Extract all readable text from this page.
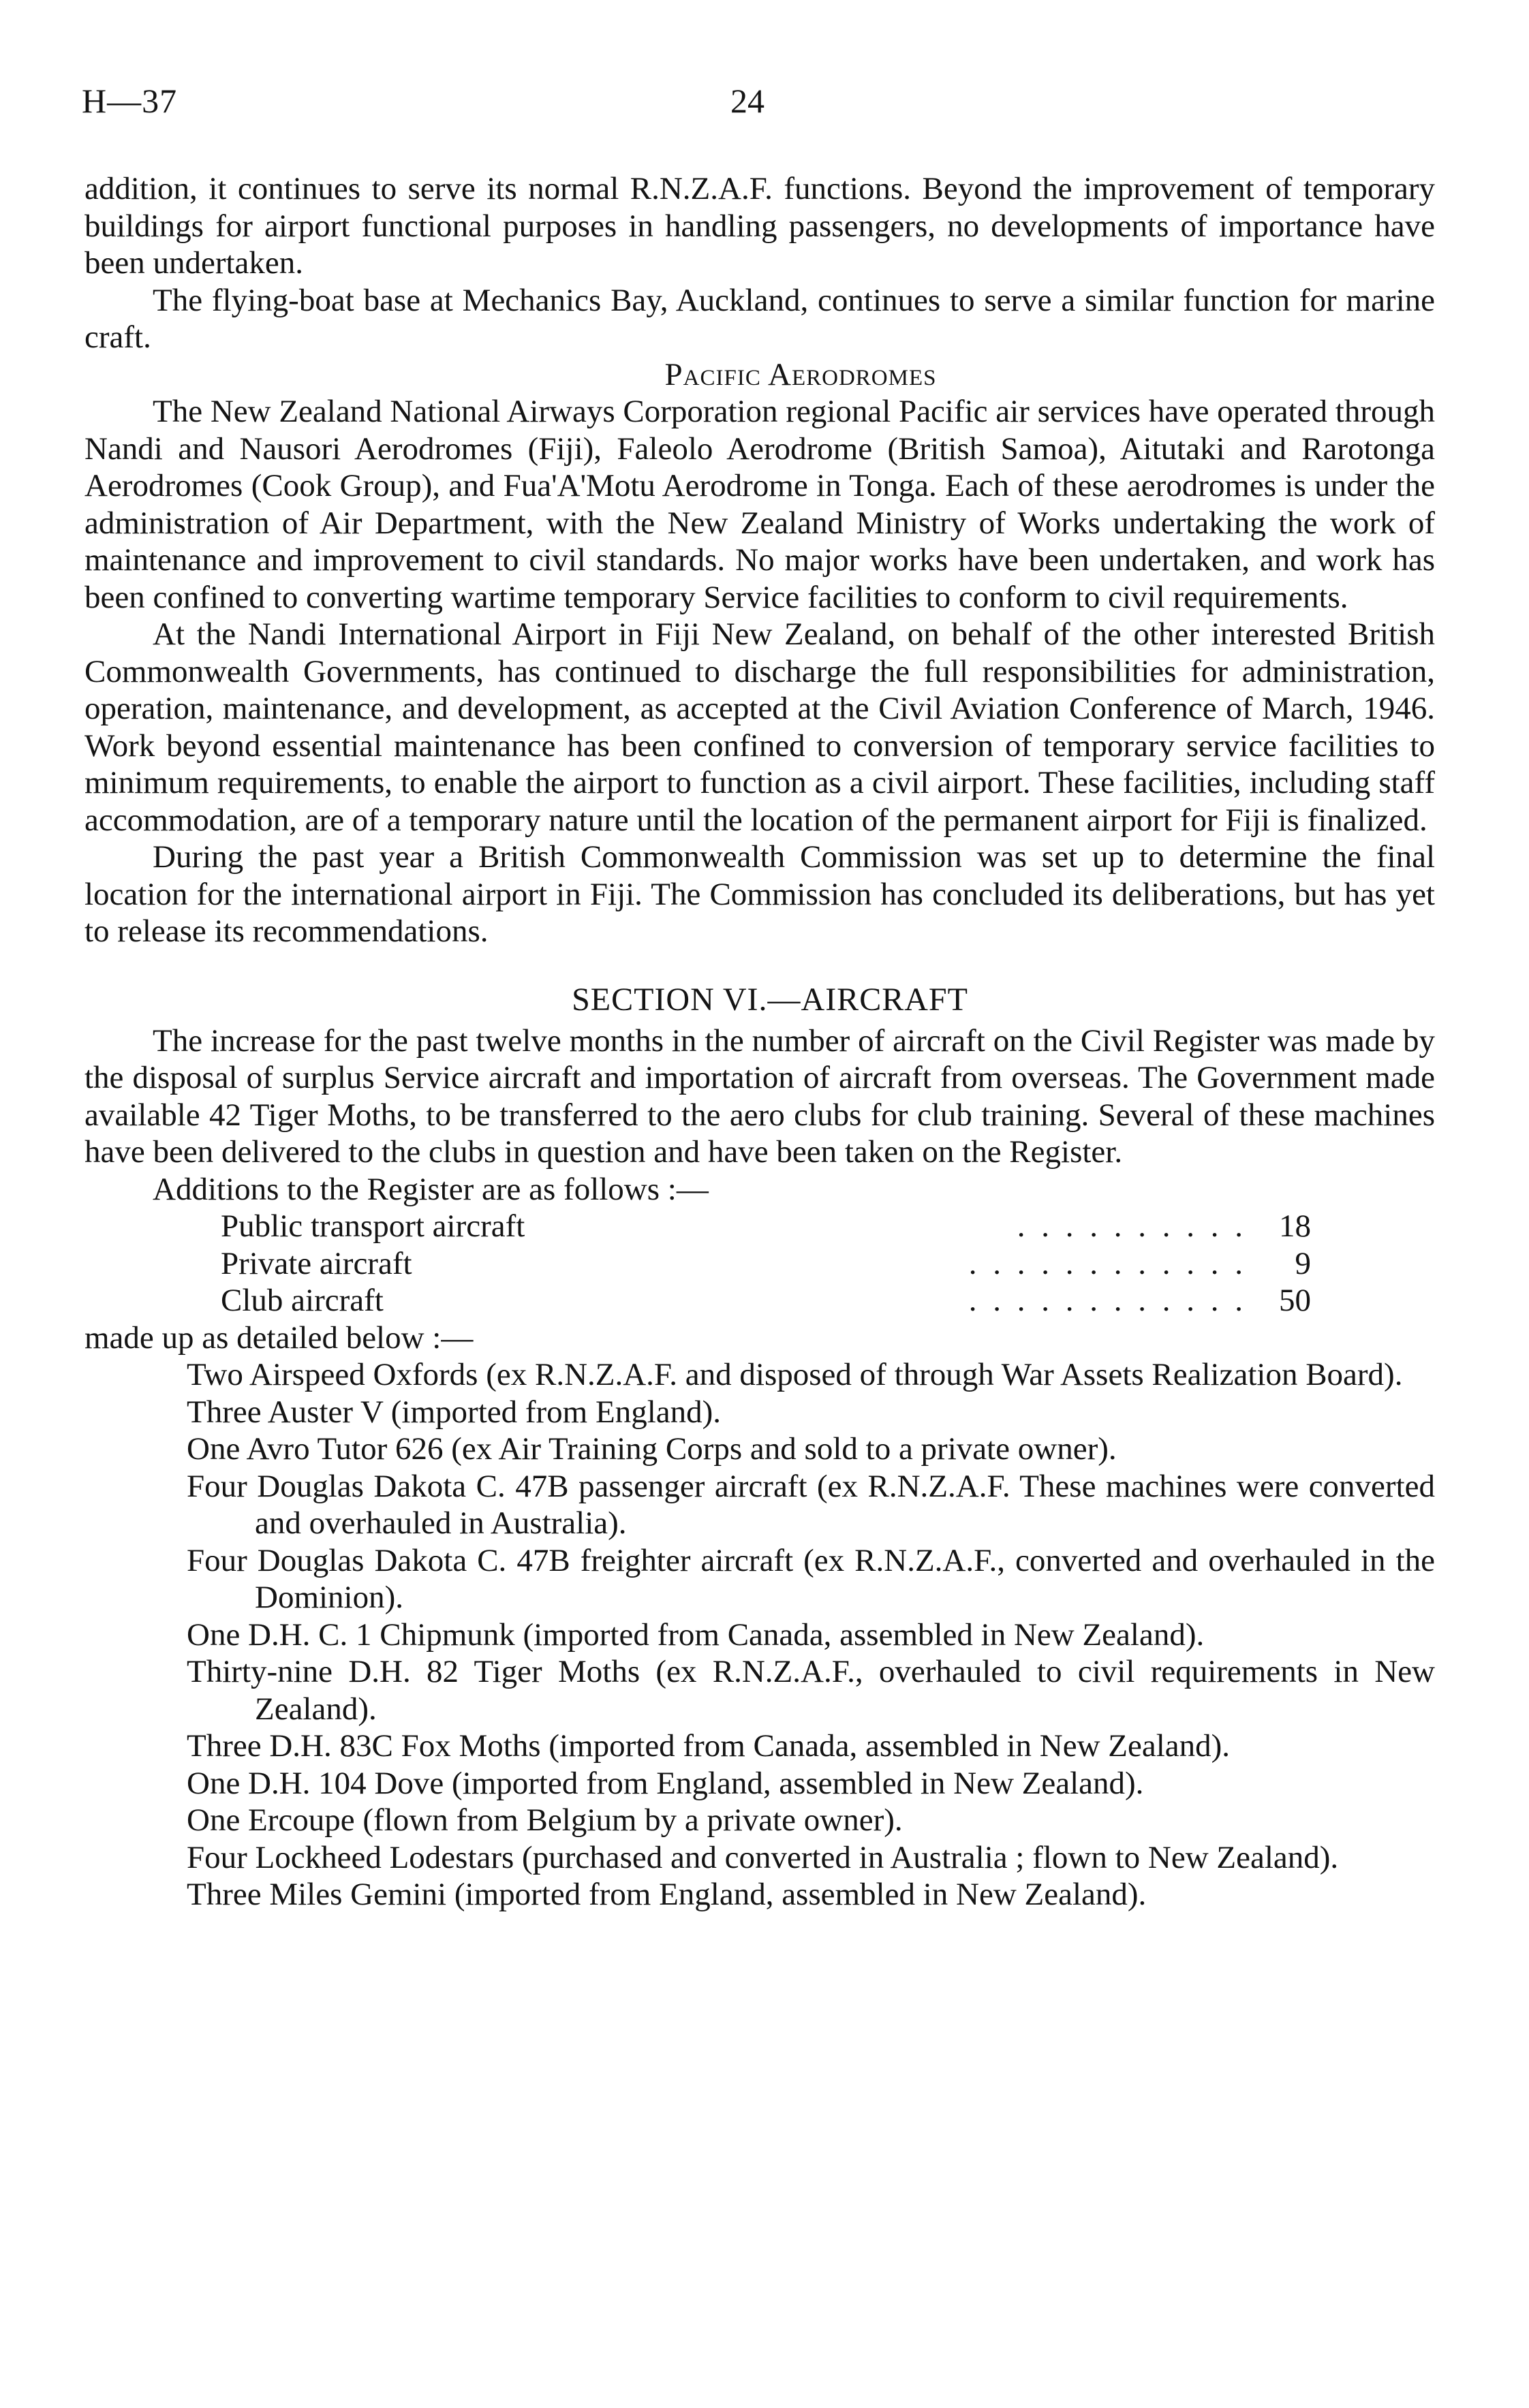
H—37	24

addition, it continues to serve its normal R.N.Z.A.F. functions. Beyond the improvement of temporary buildings for airport functional purposes in handling passengers, no developments of importance have been undertaken.

The flying-boat base at Mechanics Bay, Auckland, continues to serve a similar function for marine craft.

Pacific Aerodromes

The New Zealand National Airways Corporation regional Pacific air services have operated through Nandi and Nausori Aerodromes (Fiji), Faleolo Aerodrome (British Samoa), Aitutaki and Rarotonga Aerodromes (Cook Group), and Fua'A'Motu Aerodrome in Tonga. Each of these aerodromes is under the administration of Air Department, with the New Zealand Ministry of Works undertaking the work of maintenance and improvement to civil standards. No major works have been undertaken, and work has been confined to converting wartime temporary Service facilities to conform to civil requirements.

At the Nandi International Airport in Fiji New Zealand, on behalf of the other interested British Commonwealth Governments, has continued to discharge the full responsibilities for administration, operation, maintenance, and development, as accepted at the Civil Aviation Conference of March, 1946. Work beyond essential maintenance has been confined to conversion of temporary service facilities to minimum requirements, to enable the airport to function as a civil airport. These facilities, including staff accommodation, are of a temporary nature until the location of the permanent airport for Fiji is finalized.

During the past year a British Commonwealth Commission was set up to determine the final location for the international airport in Fiji. The Commission has concluded its deliberations, but has yet to release its recommendations.

SECTION VI.—AIRCRAFT

The increase for the past twelve months in the number of aircraft on the Civil Register was made by the disposal of surplus Service aircraft and importation of aircraft from overseas. The Government made available 42 Tiger Moths, to be transferred to the aero clubs for club training. Several of these machines have been delivered to the clubs in question and have been taken on the Register.

Additions to the Register are as follows :—

Public transport aircraft	. . . . . . . . . .	18
Private aircraft	. . . . . . . . . . . .	9
Club aircraft	. . . . . . . . . . . .	50

made up as detailed below :—

Two Airspeed Oxfords (ex R.N.Z.A.F. and disposed of through War Assets Realization Board).

Three Auster V (imported from England).

One Avro Tutor 626 (ex Air Training Corps and sold to a private owner).

Four Douglas Dakota C. 47B passenger aircraft (ex R.N.Z.A.F. These machines were converted and overhauled in Australia).

Four Douglas Dakota C. 47B freighter aircraft (ex R.N.Z.A.F., converted and overhauled in the Dominion).

One D.H. C. 1 Chipmunk (imported from Canada, assembled in New Zealand).

Thirty-nine D.H. 82 Tiger Moths (ex R.N.Z.A.F., overhauled to civil requirements in New Zealand).

Three D.H. 83C Fox Moths (imported from Canada, assembled in New Zealand).

One D.H. 104 Dove (imported from England, assembled in New Zealand).

One Ercoupe (flown from Belgium by a private owner).

Four Lockheed Lodestars (purchased and converted in Australia ; flown to New Zealand).

Three Miles Gemini (imported from England, assembled in New Zealand).
